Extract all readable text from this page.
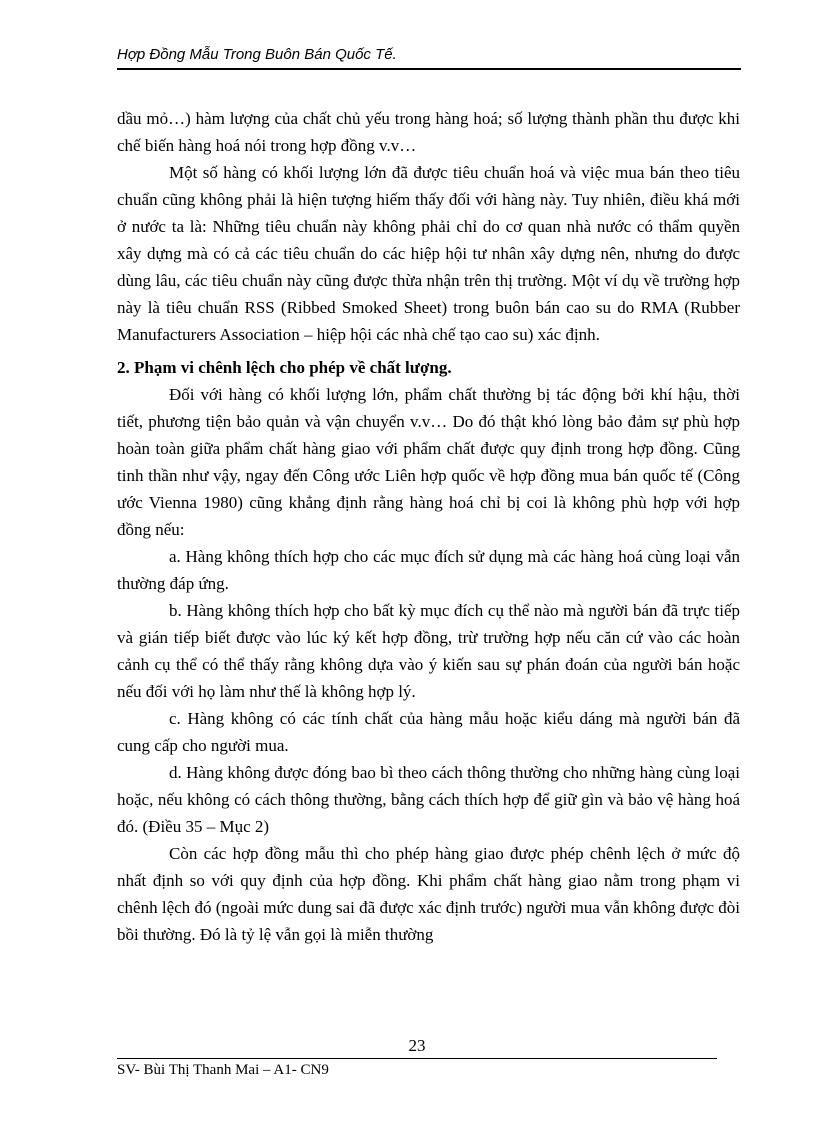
Hợp Đồng Mẫu Trong Buôn Bán Quốc Tế.

dầu mỏ…) hàm lượng của chất chủ yếu trong hàng hoá; số lượng thành phần thu được khi chế biến hàng hoá nói trong hợp đồng v.v…

Một số hàng có khối lượng lớn đã được tiêu chuẩn hoá và việc mua bán theo tiêu chuẩn cũng không phải là hiện tượng hiếm thấy đối với hàng này. Tuy nhiên, điều khá mới ở nước ta là: Những tiêu chuẩn này không phải chỉ do cơ quan nhà nước có thẩm quyền xây dựng mà có cả các tiêu chuẩn do các hiệp hội tư nhân xây dựng nên, nhưng do được dùng lâu, các tiêu chuẩn này cũng được thừa nhận trên thị trường. Một ví dụ về trường hợp này là tiêu chuẩn RSS (Ribbed Smoked Sheet) trong buôn bán cao su do RMA (Rubber Manufacturers Association – hiệp hội các nhà chế tạo cao su) xác định.

2. Phạm vi chênh lệch cho phép về chất lượng.

Đối với hàng có khối lượng lớn, phẩm chất thường bị tác động bởi khí hậu, thời tiết, phương tiện bảo quản và vận chuyển v.v… Do đó thật khó lòng bảo đảm sự phù hợp hoàn toàn giữa phẩm chất hàng giao với phẩm chất được quy định trong hợp đồng. Cũng tinh thần như vậy, ngay đến Công ước Liên hợp quốc về hợp đồng mua bán quốc tế (Công ước Vienna 1980) cũng khẳng định rằng hàng hoá chỉ bị coi là không phù hợp với hợp đồng nếu:

a. Hàng không thích hợp cho các mục đích sử dụng mà các hàng hoá cùng loại vẫn thường đáp ứng.

b. Hàng không thích hợp cho bất kỳ mục đích cụ thể nào mà người bán đã trực tiếp và gián tiếp biết được vào lúc ký kết hợp đồng, trừ trường hợp nếu căn cứ vào các hoàn cảnh cụ thể có thể thấy rằng không dựa vào ý kiến sau sự phán đoán của người bán hoặc nếu đối với họ làm như thế là không hợp lý.

c. Hàng không có các tính chất của hàng mẫu hoặc kiểu dáng mà người bán đã cung cấp cho người mua.

d. Hàng không được đóng bao bì theo cách thông thường cho những hàng cùng loại hoặc, nếu không có cách thông thường, bằng cách thích hợp để giữ gìn và bảo vệ hàng hoá đó. (Điều 35 – Mục 2)

Còn các hợp đồng mẫu thì cho phép hàng giao được phép chênh lệch ở mức độ nhất định so với quy định của hợp đồng. Khi phẩm chất hàng giao nằm trong phạm vi chênh lệch đó (ngoài mức dung sai đã được xác định trước) người mua vẫn không được đòi bồi thường. Đó là tỷ lệ vẫn gọi là miễn thường

23
SV- Bùi Thị Thanh Mai – A1- CN9
